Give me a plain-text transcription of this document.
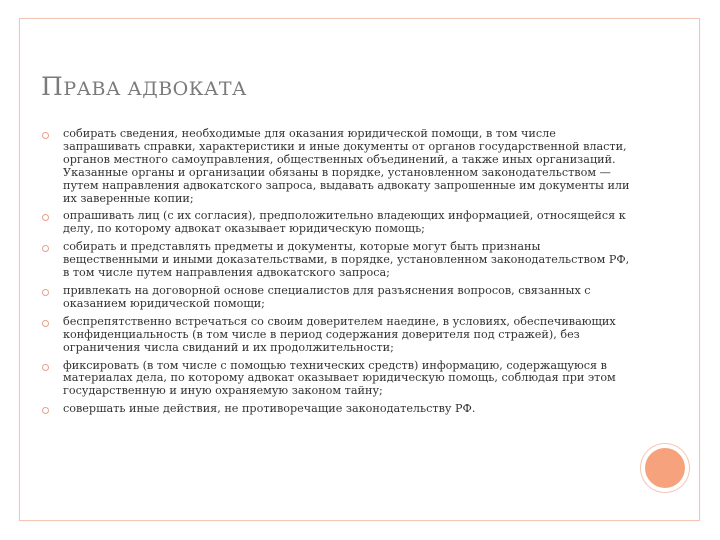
ПРАВА АДВОКАТА
собирать сведения, необходимые для оказания юридической помощи, в том числе запрашивать справки, характеристики и иные документы от органов государственной власти, органов местного самоуправления, общественных объединений, а также иных организаций. Указанные органы и организации обязаны в порядке, установленном законодательством — путем направления адвокатского запроса, выдавать адвокату запрошенные им документы или их заверенные копии;
опрашивать лиц (с их согласия), предположительно владеющих информацией, относящейся к делу, по которому адвокат оказывает юридическую помощь;
собирать и представлять предметы и документы, которые могут быть признаны вещественными и иными доказательствами, в порядке, установленном законодательством РФ, в том числе путем направления адвокатского запроса;
привлекать на договорной основе специалистов для разъяснения вопросов, связанных с оказанием юридической помощи;
беспрепятственно встречаться со своим доверителем наедине, в условиях, обеспечивающих конфиденциальность (в том числе в период содержания доверителя под стражей), без ограничения числа свиданий и их продолжительности;
фиксировать (в том числе с помощью технических средств) информацию, содержащуюся в материалах дела, по которому адвокат оказывает юридическую помощь, соблюдая при этом государственную и иную охраняемую законом тайну;
совершать иные действия, не противоречащие законодательству РФ.
